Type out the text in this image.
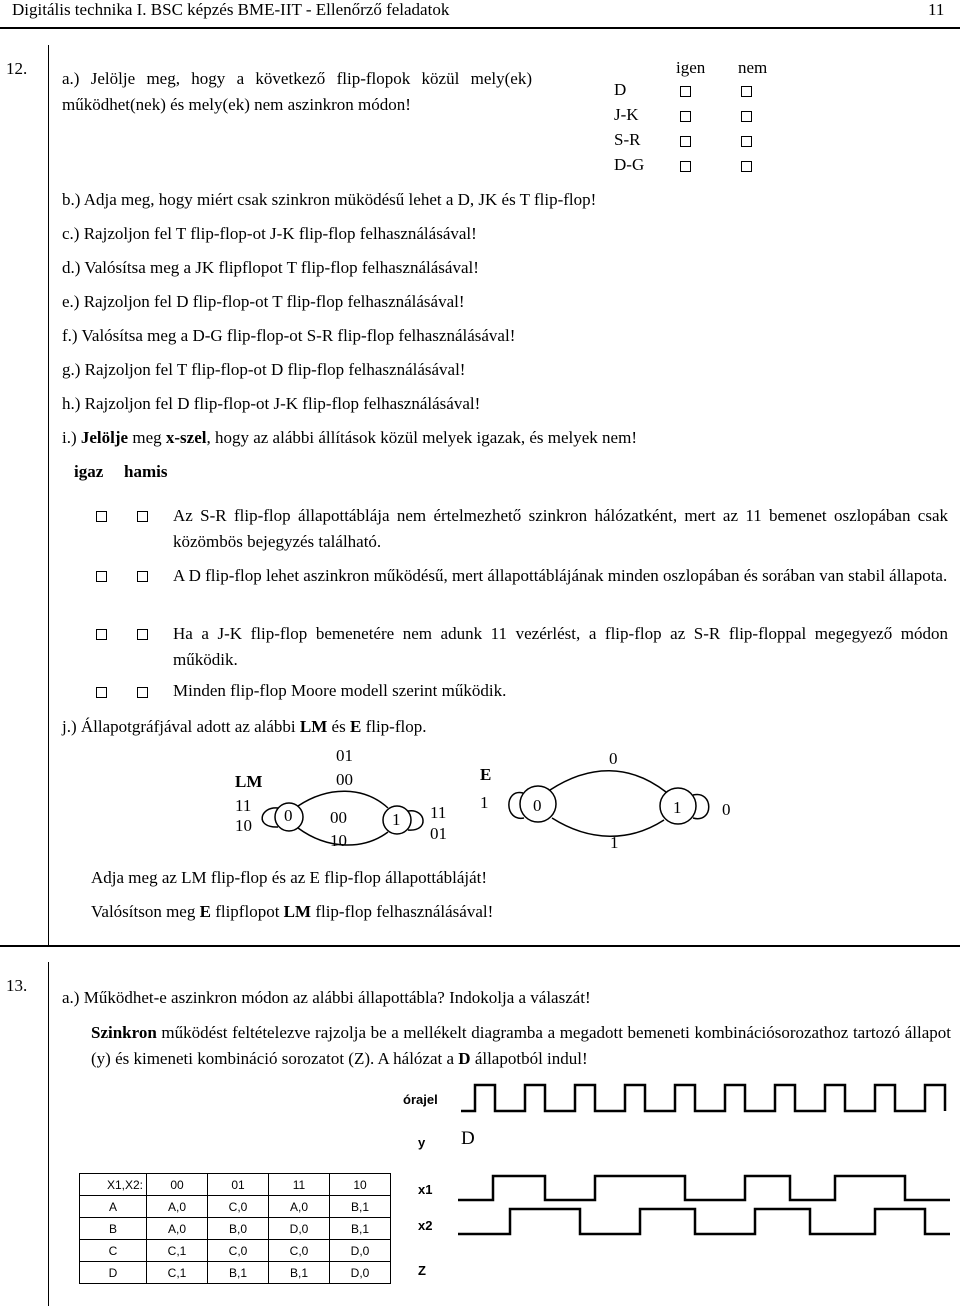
Digitális technika I. BSC képzés BME-IIT - Ellenőrző feladatok	11
12.
a.) Jelölje meg, hogy a következő flip-flopok közül mely(ek) működhet(nek) és mely(ek) nem aszinkron módon!
igen nem
D
J-K
S-R
D-G
b.) Adja meg, hogy miért csak szinkron müködésű lehet a D, JK és T flip-flop!
c.) Rajzoljon fel T flip-flop-ot J-K flip-flop felhasználásával!
d.) Valósítsa meg a JK flipflopot T flip-flop felhasználásával!
e.) Rajzoljon fel D flip-flop-ot T flip-flop felhasználásával!
f.) Valósítsa meg a D-G flip-flop-ot S-R flip-flop felhasználásával!
g.) Rajzoljon fel T flip-flop-ot D flip-flop felhasználásával!
h.) Rajzoljon fel D flip-flop-ot J-K flip-flop felhasználásával!
i.) Jelölje meg x-szel, hogy az alábbi állítások közül melyek igazak, és melyek nem!
igaz hamis
Az S-R flip-flop állapottáblája nem értelmezhető szinkron hálózatként, mert az 11 bemenet oszlopában csak közömbös bejegyzés található.
A D flip-flop lehet aszinkron működésű, mert állapottáblájának minden oszlopában és sorában van stabil állapota.
Ha a J-K flip-flop bemenetére nem adunk 11 vezérlést, a flip-flop az S-R flip-floppal megegyező módon működik.
Minden flip-flop Moore modell szerint működik.
j.) Állapotgráfjával adott az alábbi LM és E flip-flop.
LM
11
10
01
00
00
10
11
01
0	1
E
1
0
1
0
0	1
Adja meg az LM flip-flop és az E flip-flop állapottábláját!
Valósítson meg E flipflopot LM flip-flop felhasználásával!
13.
a.) Működhet-e aszinkron módon az alábbi állapottábla? Indokolja a válaszát!
Szinkron működést feltételezve rajzolja be a mellékelt diagramba a megadott bemeneti kombinációsorozathoz tartozó állapot (y) és kimeneti kombináció sorozatot (Z). A hálózat a D állapotból indul!
X1,X2:	00	01	11	10
A	A,0	C,0	A,0	B,1
B	A,0	B,0	D,0	B,1
C	C,1	C,0	C,0	D,0
D	C,1	B,1	B,1	D,0
órajel
y D
x1
x2
Z
